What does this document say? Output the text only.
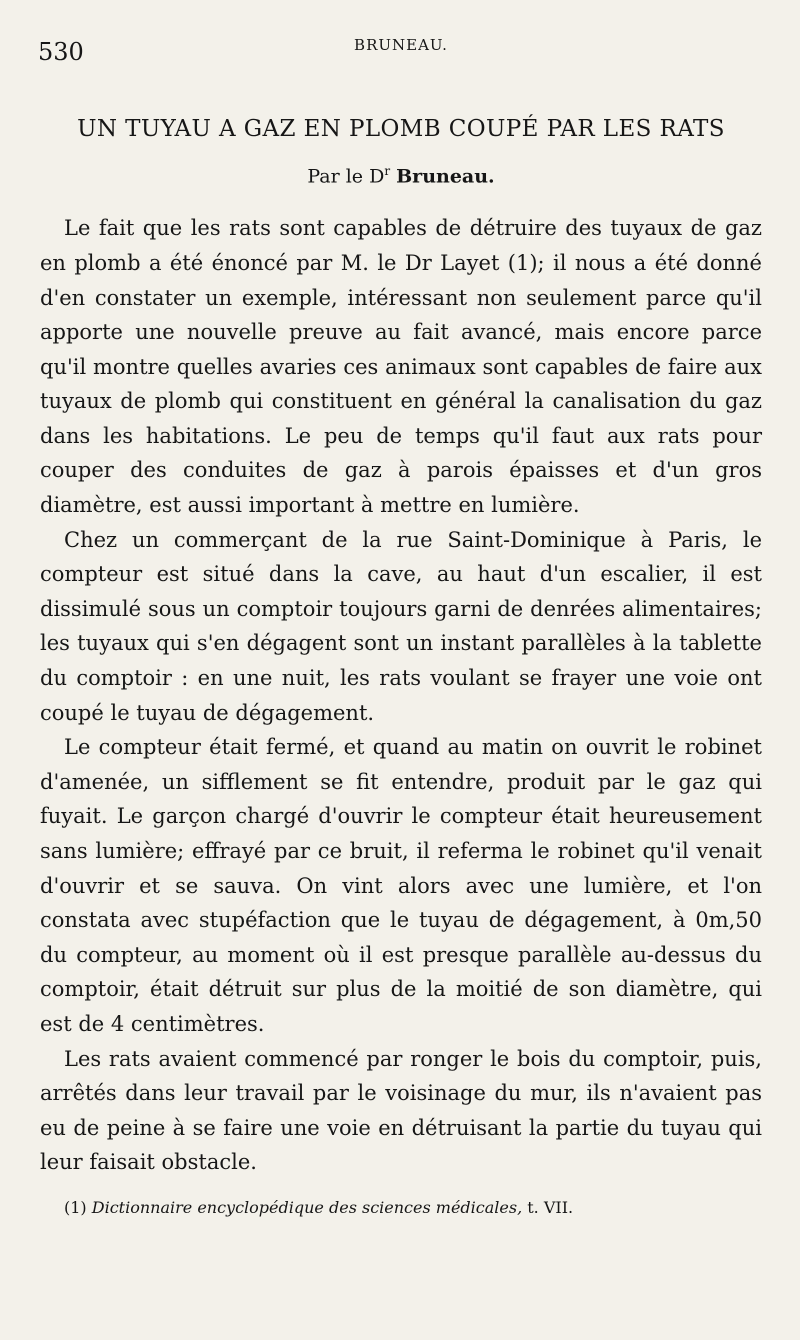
530	BRUNEAU.
UN TUYAU A GAZ EN PLOMB COUPÉ PAR LES RATS
Par le $D^r$ Bruneau.

Le fait que les rats sont capables de détruire des tuyaux de gaz en plomb a été énoncé par M. le Dr Layet (1); il nous a été donné d'en constater un exemple, intéressant non seulement parce qu'il apporte une nouvelle preuve au fait avancé, mais encore parce qu'il montre quelles avaries ces animaux sont capables de faire aux tuyaux de plomb qui constituent en général la canalisation du gaz dans les habitations. Le peu de temps qu'il faut aux rats pour couper des conduites de gaz à parois épaisses et d'un gros diamètre, est aussi important à mettre en lumière.

Chez un commerçant de la rue Saint-Dominique à Paris, le compteur est situé dans la cave, au haut d'un escalier, il est dissimulé sous un comptoir toujours garni de denrées alimentaires; les tuyaux qui s'en dégagent sont un instant parallèles à la tablette du comptoir : en une nuit, les rats voulant se frayer une voie ont coupé le tuyau de dégagement.

Le compteur était fermé, et quand au matin on ouvrit le robinet d'amenée, un sifflement se fit entendre, produit par le gaz qui fuyait. Le garçon chargé d'ouvrir le compteur était heureusement sans lumière; effrayé par ce bruit, il referma le robinet qu'il venait d'ouvrir et se sauva. On vint alors avec une lumière, et l'on constata avec stupéfaction que le tuyau de dégagement, à 0m,50 du compteur, au moment où il est presque parallèle au-dessus du comptoir, était détruit sur plus de la moitié de son diamètre, qui est de 4 centimètres.

Les rats avaient commencé par ronger le bois du comptoir, puis, arrêtés dans leur travail par le voisinage du mur, ils n'avaient pas eu de peine à se faire une voie en détruisant la partie du tuyau qui leur faisait obstacle.

(1) Dictionnaire encyclopédique des sciences médicales, t. VII.
